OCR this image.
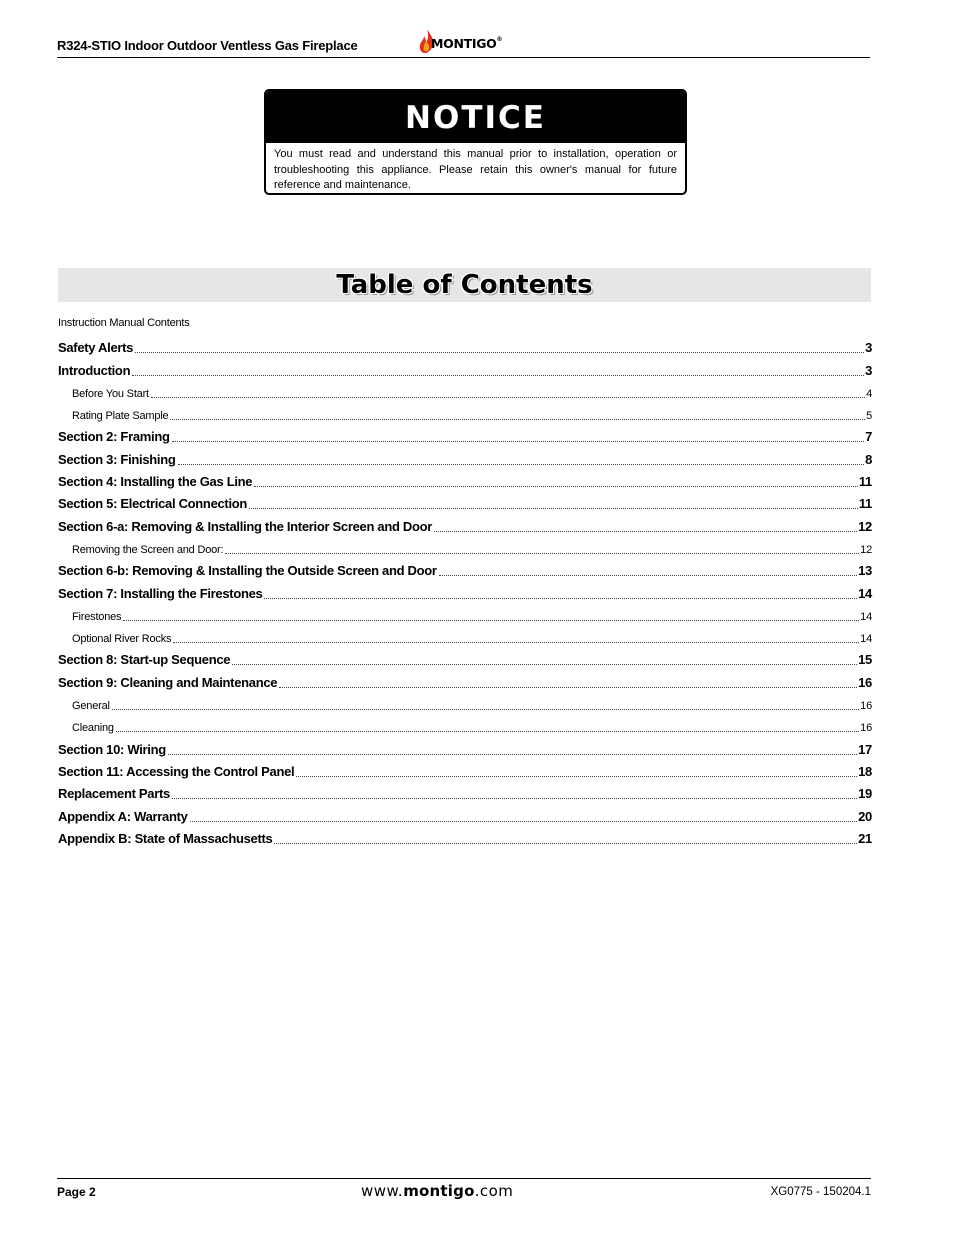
R324-STIO Indoor Outdoor Ventless Gas Fireplace	MONTIGO®
NOTICE
You must read and understand this manual prior to installation, operation or troubleshooting this appliance. Please retain this owner's manual for future reference and maintenance.
Table of Contents
Instruction Manual Contents
Safety Alerts	3
Introduction	3
Before You Start	4
Rating Plate Sample	5
Section 2: Framing	7
Section 3: Finishing	8
Section 4: Installing the Gas Line	11
Section 5: Electrical Connection	11
Section 6-a: Removing & Installing the Interior Screen and Door	12
Removing the Screen and Door:	12
Section 6-b: Removing & Installing the Outside Screen and Door	13
Section 7: Installing the Firestones	14
Firestones	14
Optional River Rocks	14
Section 8: Start-up Sequence	15
Section 9: Cleaning and Maintenance	16
General	16
Cleaning	16
Section 10: Wiring	17
Section 11: Accessing the Control Panel	18
Replacement Parts	19
Appendix A: Warranty	20
Appendix B: State of Massachusetts	21
Page 2	www.montigo.com	XG0775 - 150204.1
